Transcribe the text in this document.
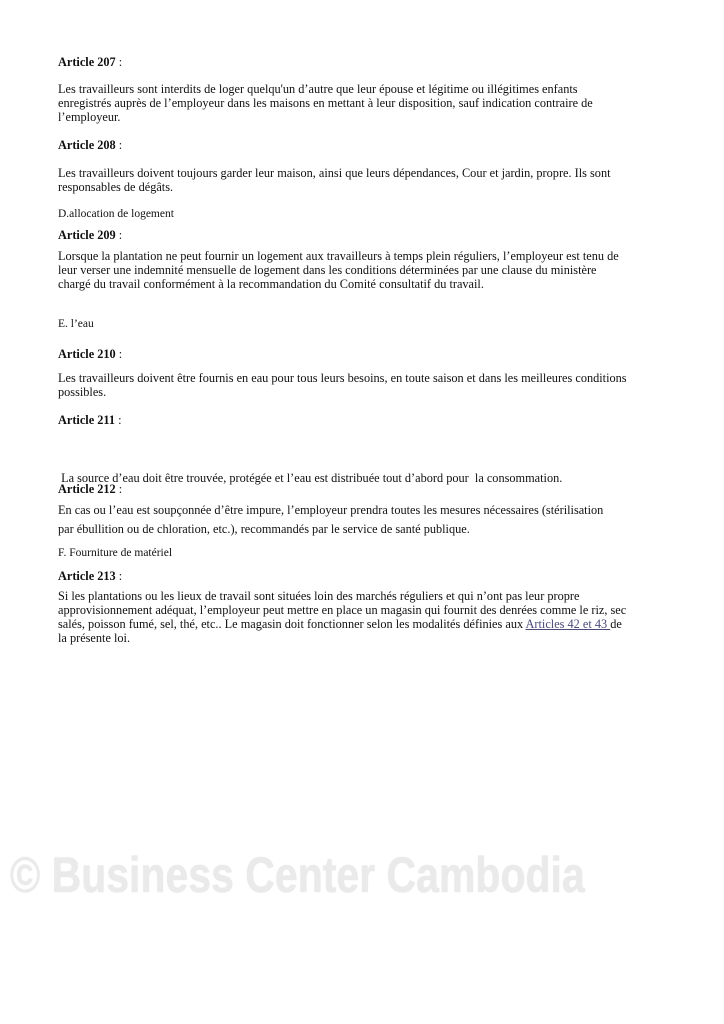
Article 207 :
Les travailleurs sont interdits de loger quelqu'un d’autre que leur épouse et légitime ou illégitimes enfants
enregistrés auprès de l’employeur dans les maisons en mettant à leur disposition, sauf indication contraire de
l’employeur.
Article 208 :
Les travailleurs doivent toujours garder leur maison, ainsi que leurs dépendances, Cour et jardin, propre. Ils sont
responsables de dégâts.
D.allocation de logement
Article 209 :
Lorsque la plantation ne peut fournir un logement aux travailleurs à temps plein réguliers, l’employeur est tenu de
leur verser une indemnité mensuelle de logement dans les conditions déterminées par une clause du ministère
chargé du travail conformément à la recommandation du Comité consultatif du travail.
E. l’eau
Article 210 :
Les travailleurs doivent être fournis en eau pour tous leurs besoins, en toute saison et dans les meilleures conditions
possibles.
Article 211 :

La source d’eau doit être trouvée, protégée et l’eau est distribuée tout d’abord pour  la consommation.

Article 212 :
En cas ou l’eau est soupçonnée d’être impure, l’employeur prendra toutes les mesures nécessaires (stérilisation
par ébullition ou de chloration, etc.), recommandés par le service de santé publique.
F. Fourniture de matériel
Article 213 :
Si les plantations ou les lieux de travail sont situées loin des marchés réguliers et qui n’ont pas leur propre
approvisionnement adéquat, l’employeur peut mettre en place un magasin qui fournit des denrées comme le riz, sec
salés, poisson fumé, sel, thé, etc.. Le magasin doit fonctionner selon les modalités définies aux Articles 42 et 43 de
la présente loi.
© Business Center Cambodia
